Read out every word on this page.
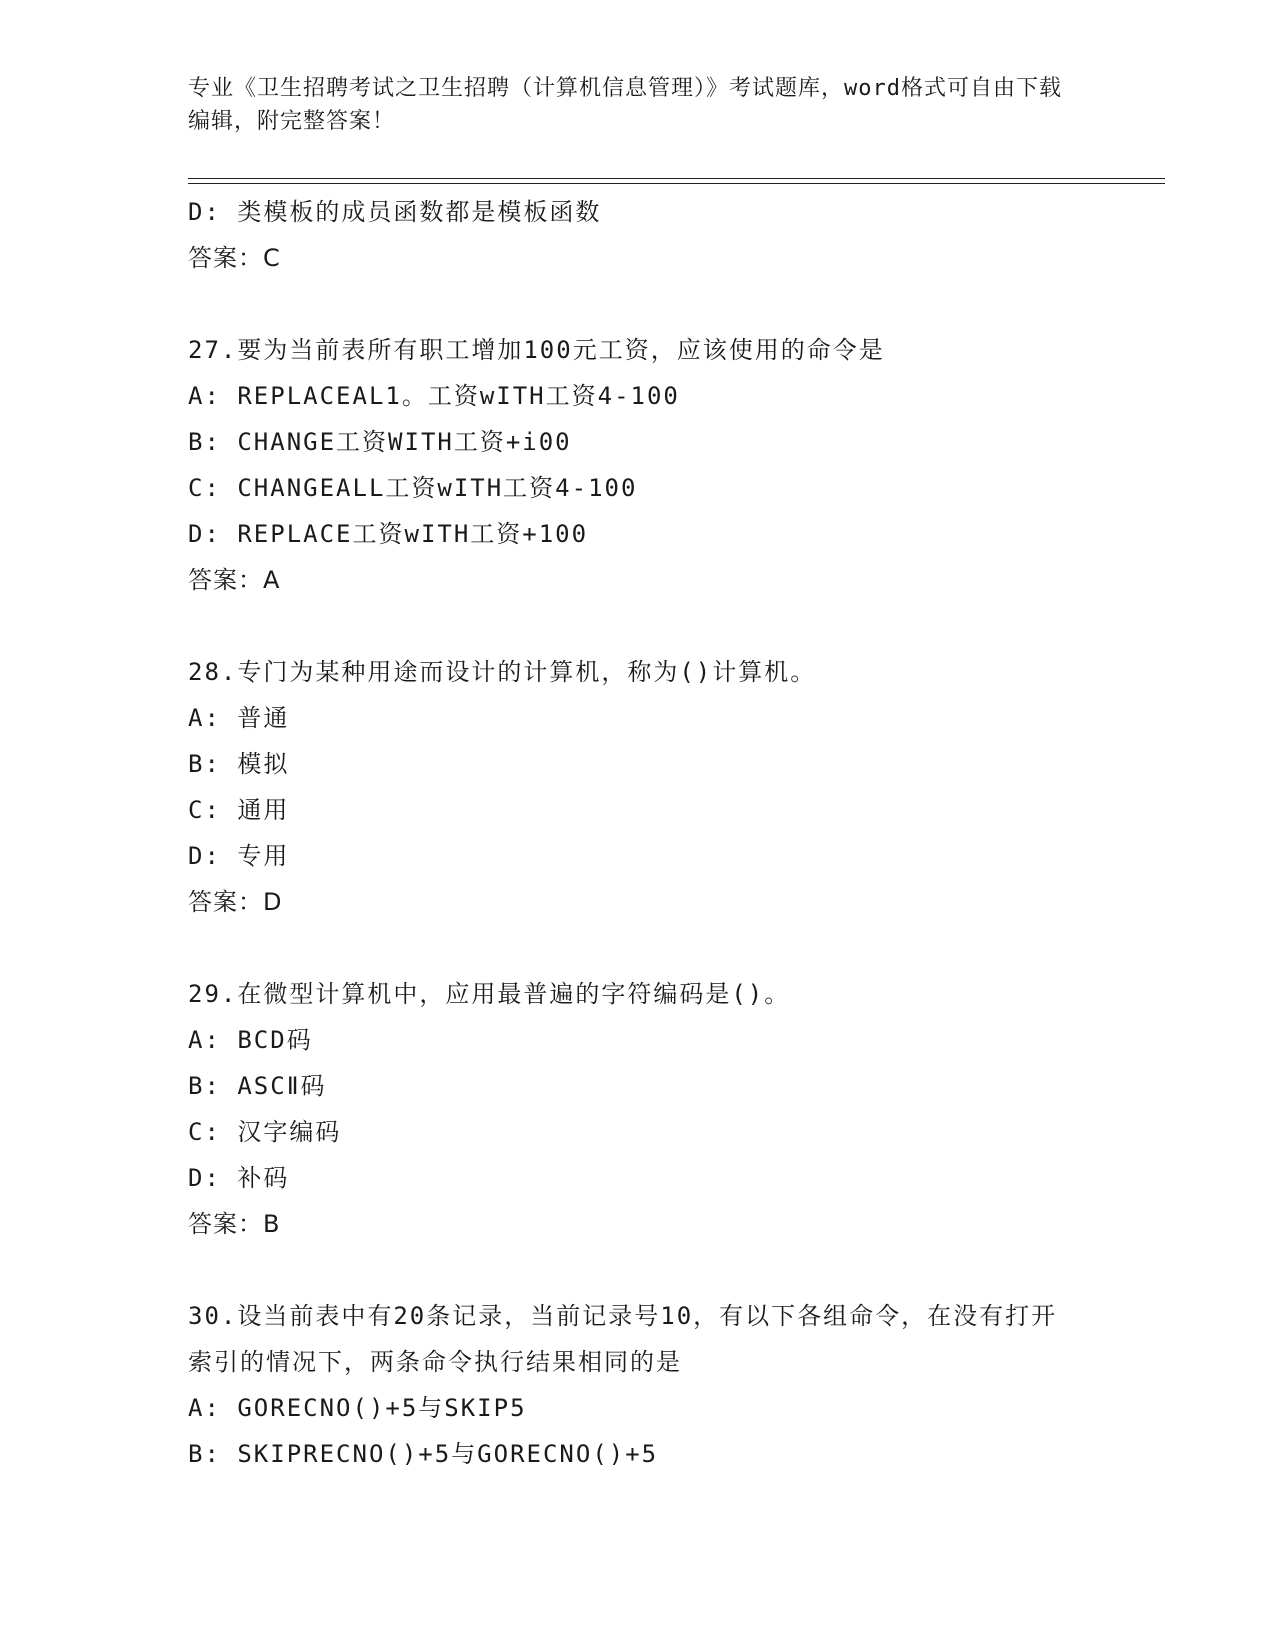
专业《卫生招聘考试之卫生招聘（计算机信息管理）》考试题库，word格式可自由下载编辑，附完整答案！
D: 类模板的成员函数都是模板函数
答案：C
27.要为当前表所有职工增加100元工资，应该使用的命令是
A: REPLACEAL1。工资wITH工资4-100
B: CHANGE工资WITH工资+i00
C: CHANGEALL工资wITH工资4-100
D: REPLACE工资wITH工资+100
答案：A
28.专门为某种用途而设计的计算机，称为()计算机。
A: 普通
B: 模拟
C: 通用
D: 专用
答案：D
29.在微型计算机中，应用最普遍的字符编码是()。
A: BCD码
B: ASCⅡ码
C: 汉字编码
D: 补码
答案：B
30.设当前表中有20条记录，当前记录号10，有以下各组命令，在没有打开索引的情况下，两条命令执行结果相同的是
A: GORECNO()+5与SKIP5
B: SKIPRECNO()+5与GORECNO()+5
